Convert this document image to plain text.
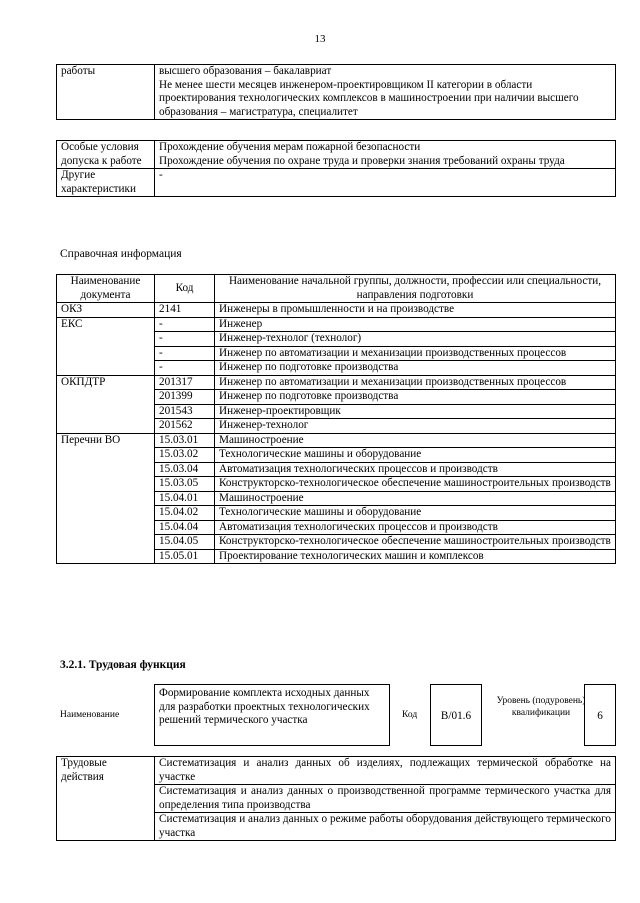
13
работы	высшего образования – бакалавриат
Не менее шести месяцев инженером-проектировщиком II категории в области проектирования технологических комплексов в машиностроении при наличии высшего образования – магистратура, специалитет
Особые условия допуска к работе	Прохождение обучения мерам пожарной безопасности
Прохождение обучения по охране труда и проверки знания требований охраны труда

Другие характеристики	-
Справочная информация
Наименование документа	Код	Наименование начальной группы, должности, профессии или специальности, направления подготовки
ОКЗ	2141	Инженеры в промышленности и на производстве
ЕКС	-	Инженер
	-	Инженер-технолог (технолог)
	-	Инженер по автоматизации и механизации производственных процессов
	-	Инженер по подготовке производства
ОКПДТР	201317	Инженер по автоматизации и механизации производственных процессов
	201399	Инженер по подготовке производства
	201543	Инженер-проектировщик
	201562	Инженер-технолог
Перечни ВО	15.03.01	Машиностроение
	15.03.02	Технологические машины и оборудование
	15.03.04	Автоматизация технологических процессов и производств
	15.03.05	Конструкторско-технологическое обеспечение машиностроительных производств
	15.04.01	Машиностроение
	15.04.02	Технологические машины и оборудование
	15.04.04	Автоматизация технологических процессов и производств
	15.04.05	Конструкторско-технологическое обеспечение машиностроительных производств
	15.05.01	Проектирование технологических машин и комплексов
3.2.1. Трудовая функция
Наименование
Формирование комплекта исходных данных для разработки проектных технологических решений термического участка	Код	B/01.6
Уровень (подуровень) квалификации	6
Трудовые действия	Систематизация и анализ данных об изделиях, подлежащих термической обработке на участке
Систематизация и анализ данных о производственной программе термического участка для определения типа производства
Систематизация и анализ данных о режиме работы оборудования действующего термического участка
